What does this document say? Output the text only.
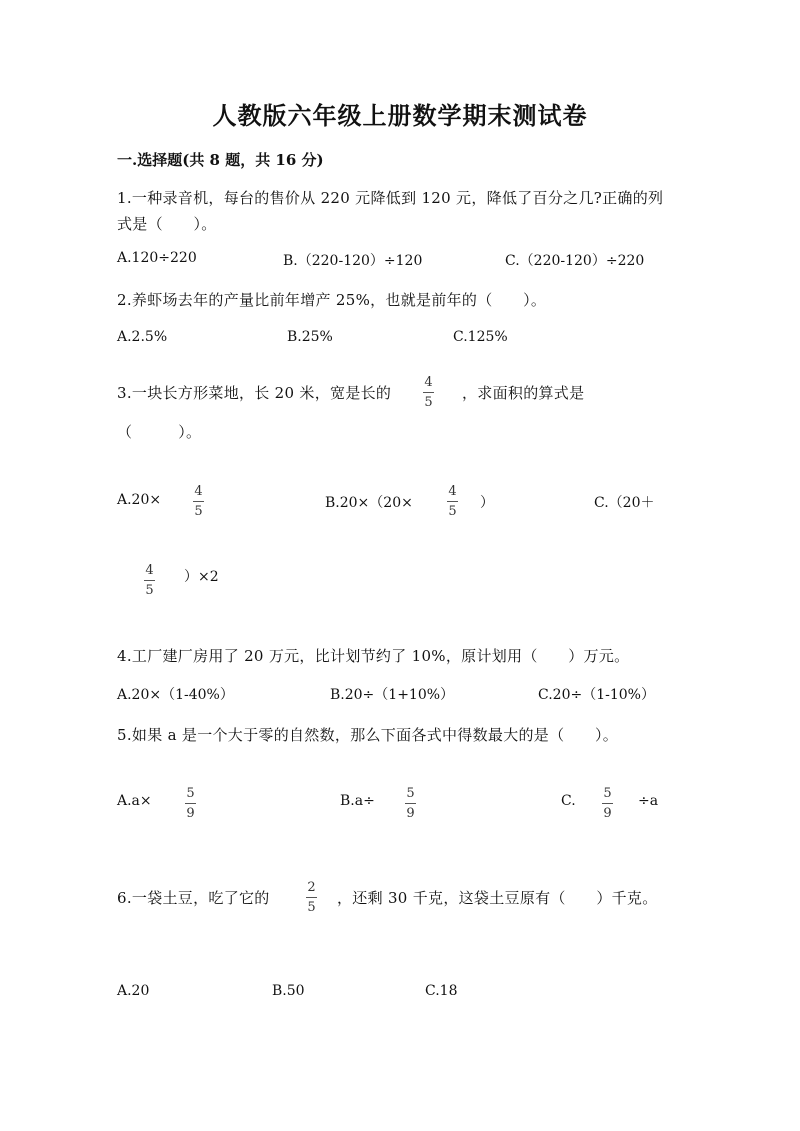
人教版六年级上册数学期末测试卷
一.选择题(共 8 题，共 16 分)
1.一种录音机，每台的售价从 220 元降低到 120 元，降低了百分之几?正确的列
式是（　　）。
A.120÷220	B.（220-120）÷120	C.（220-120）÷220
2.养虾场去年的产量比前年增产 25%，也就是前年的（　　）。
A.2.5%	B.25%	C.125%
3.一块长方形菜地，长 20 米，宽是长的
4
5
，求面积的算式是
（　　　）。
A.20×
4
5
B.20×（20×
4
5
）	C.（20＋
4
5
）×2
4.工厂建厂房用了 20 万元，比计划节约了 10%，原计划用（　　）万元。
A.20×（1-40%）	B.20÷（1+10%）	C.20÷（1-10%）
5.如果 a 是一个大于零的自然数，那么下面各式中得数最大的是（　　）。
A.a×	5
9
B.a÷ 5
9
C. 5
9
÷a
6.一袋土豆，吃了它的
2
5
，还剩 30 千克，这袋土豆原有（　　）千克。
A.20	B.50	C.18
